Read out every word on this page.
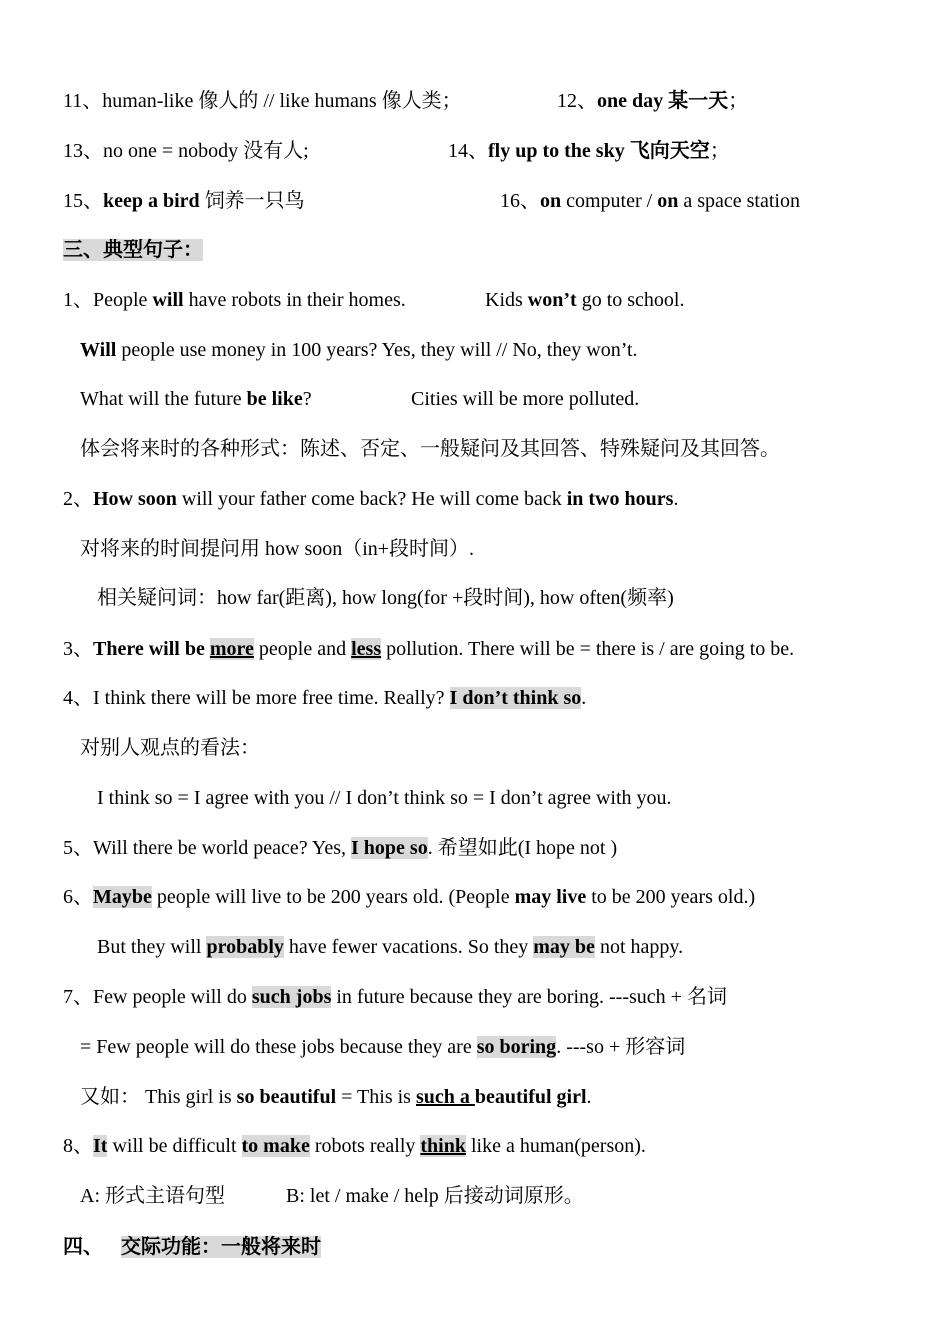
11、human-like 像人的 // like humans 像人类；	12、one day 某一天；
13、no one = nobody 没有人;	14、fly up to the sky 飞向天空；
15、keep a bird 饲养一只鸟	16、on computer / on a space station
三、典型句子：
1、People will have robots in their homes.	Kids won’t go to school.
Will people use money in 100 years? Yes, they will // No, they won’t.
What will the future be like?	Cities will be more polluted.
体会将来时的各种形式：陈述、否定、一般疑问及其回答、特殊疑问及其回答。
2、How soon will your father come back? He will come back in two hours.
对将来的时间提问用 how soon（in+段时间）.
相关疑问词：how far(距离), how long(for +段时间), how often(频率)
3、There will be more people and less pollution. There will be = there is / are going to be.
4、I think there will be more free time. Really? I don’t think so.
对别人观点的看法：
I think so = I agree with you // I don’t think so = I don’t agree with you.
5、Will there be world peace? Yes, I hope so. 希望如此(I hope not )
6、Maybe people will live to be 200 years old. (People may live to be 200 years old.)
But they will probably have fewer vacations. So they may be not happy.
7、Few people will do such jobs in future because they are boring. ---such + 名词
= Few people will do these jobs because they are so boring. ---so + 形容词
又如： This girl is so beautiful = This is such a beautiful girl.
8、It will be difficult to make robots really think like a human(person).
A: 形式主语句型	B: let / make / help 后接动词原形。
四、 交际功能：一般将来时
